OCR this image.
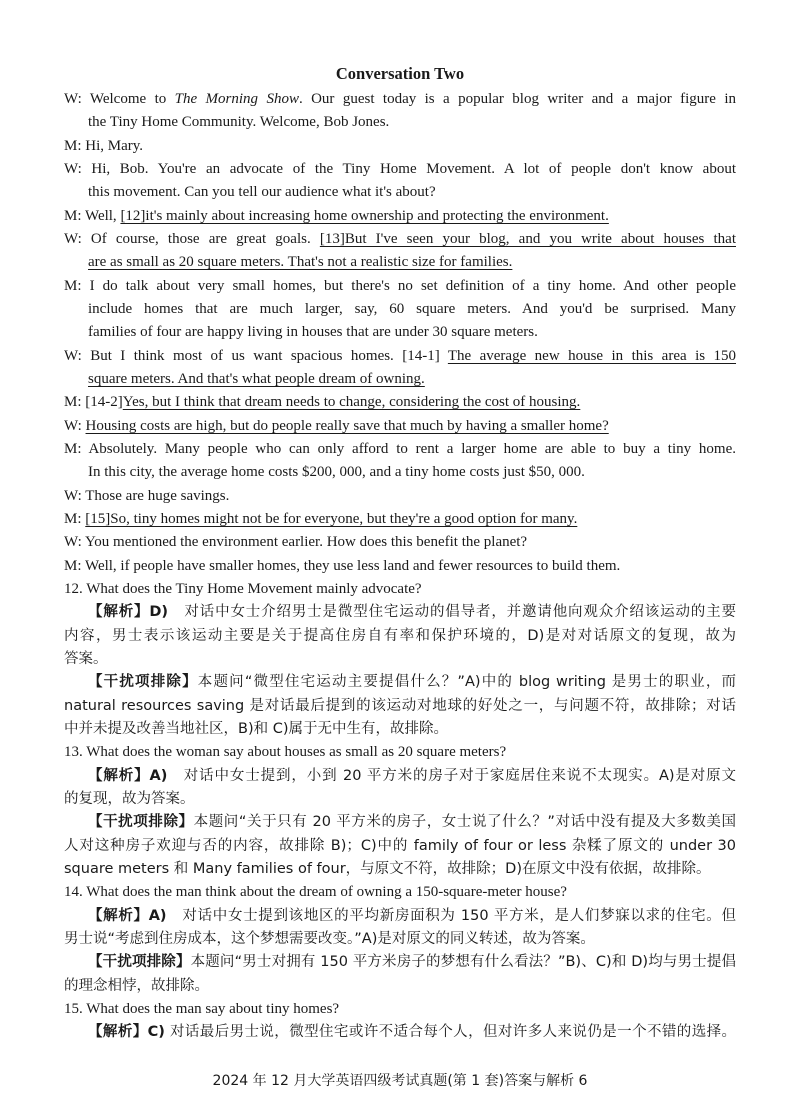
Conversation Two
W: Welcome to The Morning Show. Our guest today is a popular blog writer and a major figure in
the Tiny Home Community. Welcome, Bob Jones.
M: Hi, Mary.
W: Hi, Bob. You're an advocate of the Tiny Home Movement. A lot of people don't know about
this movement. Can you tell our audience what it's about?
M: Well, [12]it's mainly about increasing home ownership and protecting the environment.
W: Of course, those are great goals. [13]But I've seen your blog, and you write about houses that
are as small as 20 square meters. That's not a realistic size for families.
M: I do talk about very small homes, but there's no set definition of a tiny home. And other people
include homes that are much larger, say, 60 square meters. And you'd be surprised. Many
families of four are happy living in houses that are under 30 square meters.
W: But I think most of us want spacious homes. [14-1] The average new house in this area is 150
square meters. And that's what people dream of owning.
M: [14-2]Yes, but I think that dream needs to change, considering the cost of housing.
W: Housing costs are high, but do people really save that much by having a smaller home?
M: Absolutely. Many people who can only afford to rent a larger home are able to buy a tiny home.
In this city, the average home costs $200, 000, and a tiny home costs just $50, 000.
W: Those are huge savings.
M: [15]So, tiny homes might not be for everyone, but they're a good option for many.
W: You mentioned the environment earlier. How does this benefit the planet?
M: Well, if people have smaller homes, they use less land and fewer resources to build them.
12. What does the Tiny Home Movement mainly advocate?
【解析】D) 对话中女士介绍男士是微型住宅运动的倡导者，并邀请他向观众介绍该运动的主要
内容，男士表示该运动主要是关于提高住房自有率和保护环境的，D)是对对话原文的复现，故为
答案。
【干扰项排除】本题问“微型住宅运动主要提倡什么？”A)中的 blog writing 是男士的职业，而
natural resources saving 是对话最后提到的该运动对地球的好处之一，与问题不符，故排除；对话
中并未提及改善当地社区，B)和 C)属于无中生有，故排除。
13. What does the woman say about houses as small as 20 square meters?
【解析】A) 对话中女士提到，小到 20 平方米的房子对于家庭居住来说不太现实。A)是对原文
的复现，故为答案。
【干扰项排除】本题问“关于只有 20 平方米的房子，女士说了什么？”对话中没有提及大多数美国
人对这种房子欢迎与否的内容，故排除 B)；C)中的 family of four or less 杂糅了原文的 under 30
square meters 和 Many families of four，与原文不符，故排除；D)在原文中没有依据，故排除。
14. What does the man think about the dream of owning a 150-square-meter house?
【解析】A) 对话中女士提到该地区的平均新房面积为 150 平方米，是人们梦寐以求的住宅。但
男士说“考虑到住房成本，这个梦想需要改变。”A)是对原文的同义转述，故为答案。
【干扰项排除】本题问“男士对拥有 150 平方米房子的梦想有什么看法？”B)、C)和 D)均与男士提倡
的理念相悖，故排除。
15. What does the man say about tiny homes?
【解析】C) 对话最后男士说，微型住宅或许不适合每个人，但对许多人来说仍是一个不错的选择。
2024 年 12 月大学英语四级考试真题(第 1 套)答案与解析 6
